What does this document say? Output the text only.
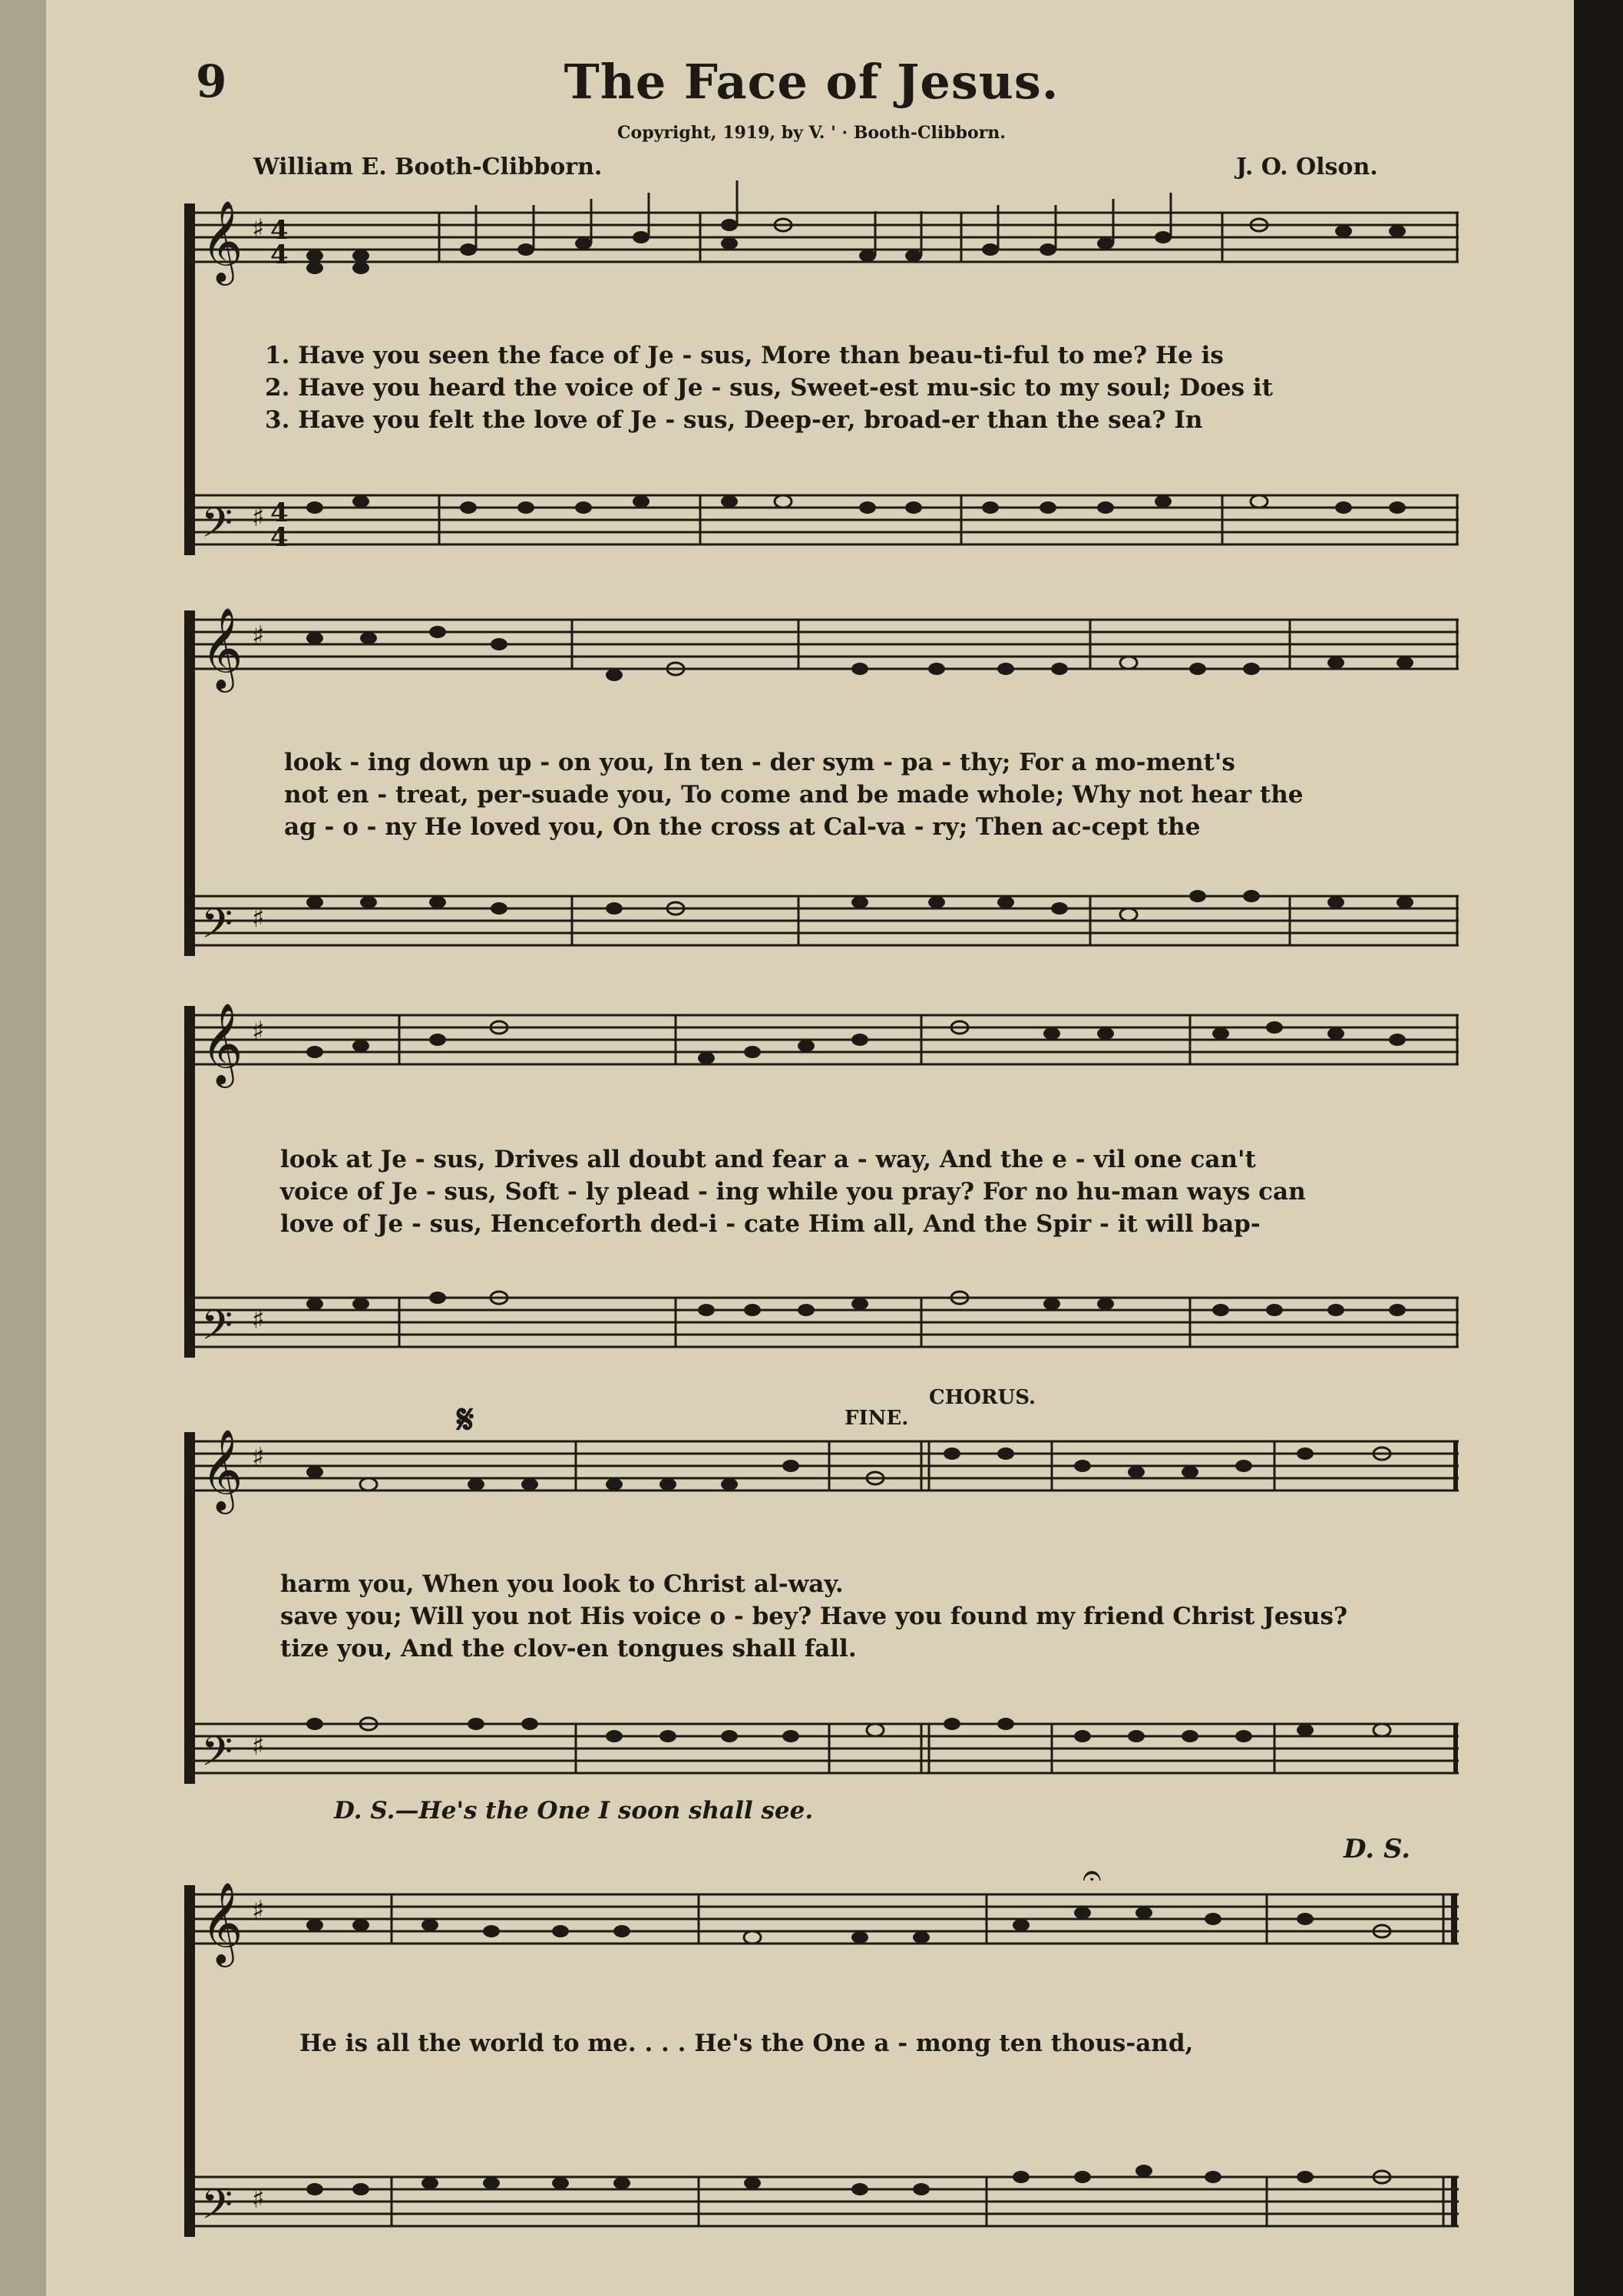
9	The Face of Jesus.
Copyright, 1919, by V. ' · Booth-Clibborn.
William E. Booth-Clibborn.	J. O. Olson.
𝄞 ♯ 4
4
𝄢 ♯ 4
4
1. Have you seen the face of Je - sus, More than beau-ti-ful to me? He is
2. Have you heard the voice of Je - sus, Sweet-est mu-sic to my soul; Does it
3. Have you felt the love of Je - sus, Deep-er, broad-er than the sea? In
𝄞 ♯
𝄢 ♯
look - ing down up - on you, In ten - der sym - pa - thy; For a mo-ment's
not en - treat, per-suade you, To come and be made whole; Why not hear the
ag - o - ny He loved you, On the cross at Cal-va - ry; Then ac-cept the
𝄞 ♯
𝄢 ♯
look at Je - sus, Drives all doubt and fear a - way, And the e - vil one can't
voice of Je - sus, Soft - ly plead - ing while you pray? For no hu-man ways can
love of Je - sus, Henceforth ded-i - cate Him all, And the Spir - it will bap-
𝄋	FINE.
CHORUS.
𝄞 ♯
𝄢 ♯
harm you, When you look to Christ al-way.
save you; Will you not His voice o - bey? Have you found my friend Christ Jesus?
tize you, And the clov-en tongues shall fall.
D. S.—He's the One I soon shall see.
D. S.
𝄞 ♯
𝄢 ♯
𝄐
He is all the world to me. . . . He's the One a - mong ten thous-and,
